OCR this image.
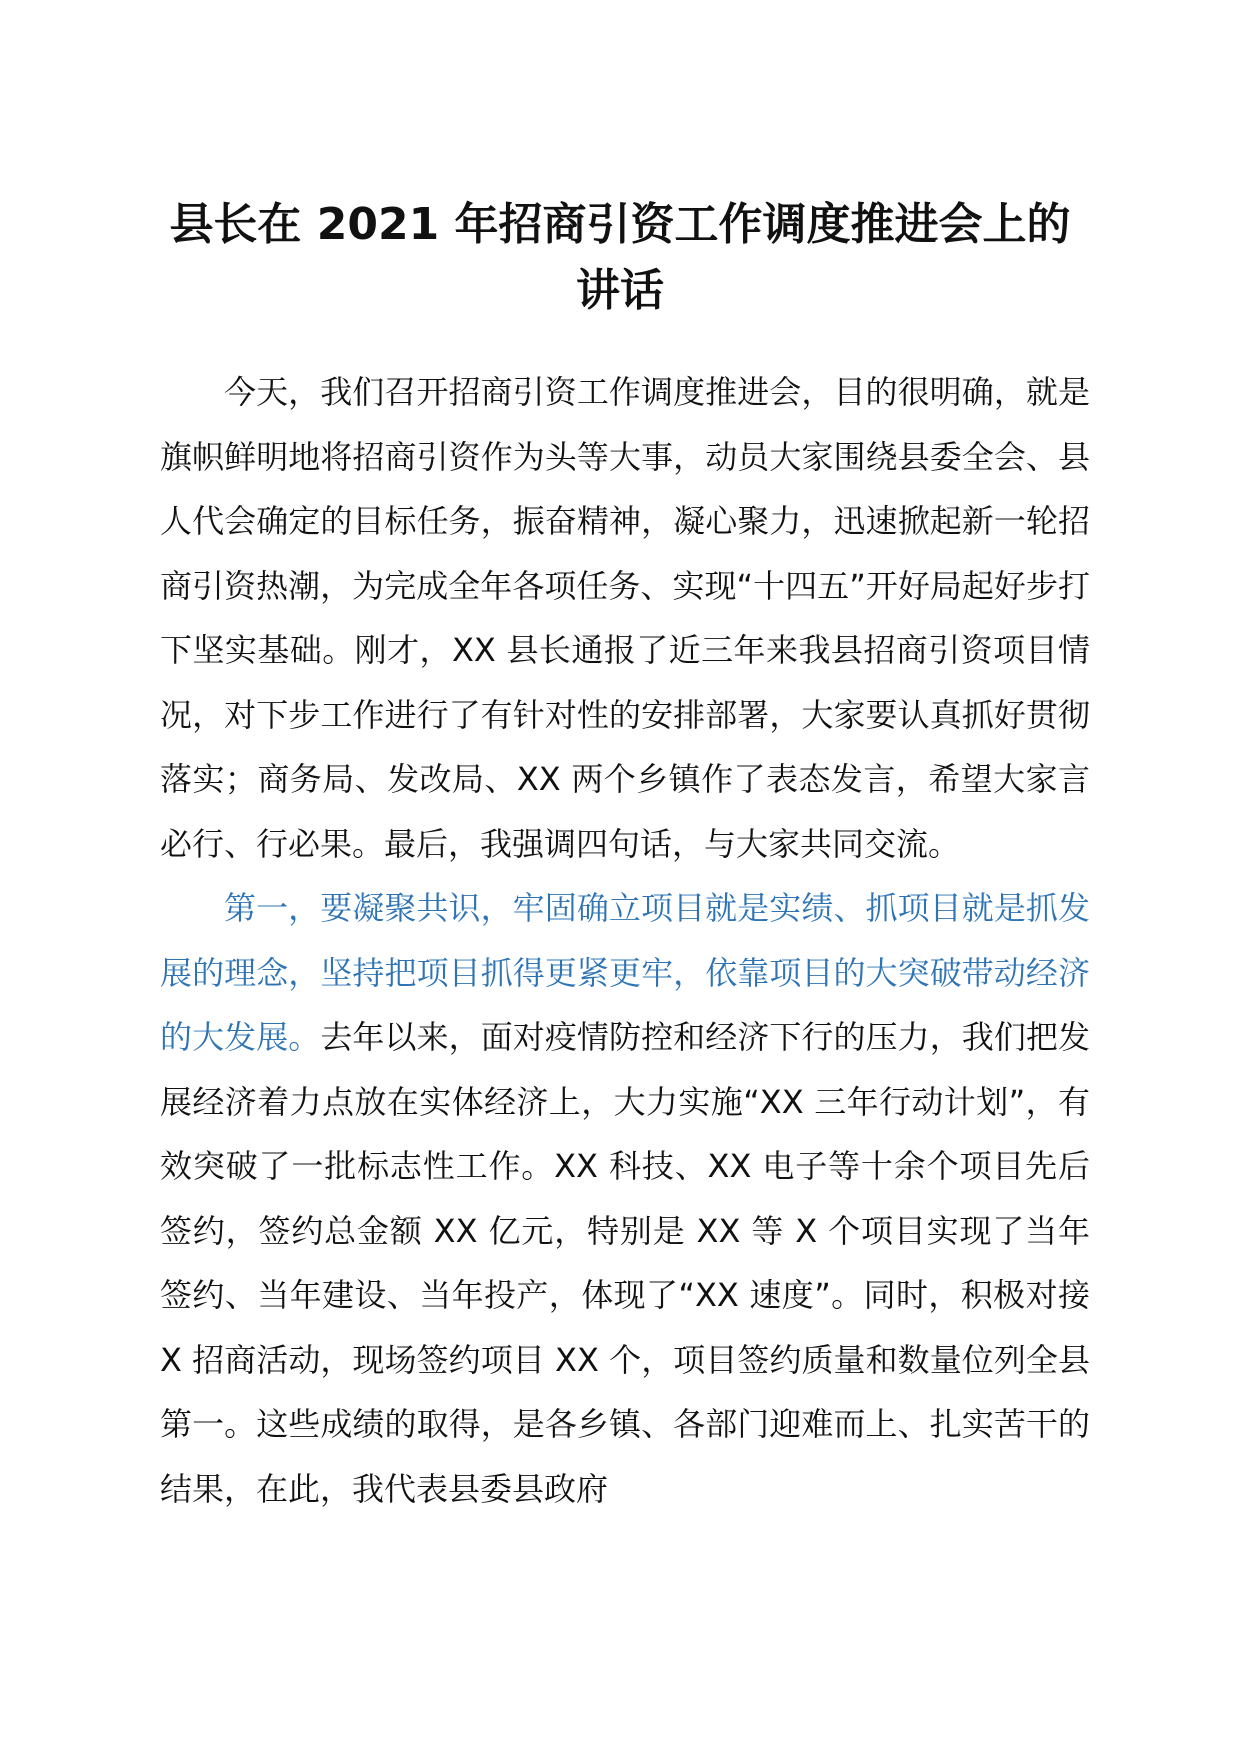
县长在 2021 年招商引资工作调度推进会上的
讲话

今天，我们召开招商引资工作调度推进会，目的很明确，就是旗帜鲜明地将招商引资作为头等大事，动员大家围绕县委全会、县人代会确定的目标任务，振奋精神，凝心聚力，迅速掀起新一轮招商引资热潮，为完成全年各项任务、实现“十四五”开好局起好步打下坚实基础。刚才，XX 县长通报了近三年来我县招商引资项目情况，对下步工作进行了有针对性的安排部署，大家要认真抓好贯彻落实；商务局、发改局、XX 两个乡镇作了表态发言，希望大家言必行、行必果。最后，我强调四句话，与大家共同交流。

第一，要凝聚共识，牢固确立项目就是实绩、抓项目就是抓发展的理念，坚持把项目抓得更紧更牢，依靠项目的大突破带动经济的大发展。去年以来，面对疫情防控和经济下行的压力，我们把发展经济着力点放在实体经济上，大力实施“XX 三年行动计划”，有效突破了一批标志性工作。XX 科技、XX 电子等十余个项目先后签约，签约总金额 XX 亿元，特别是 XX 等 X 个项目实现了当年签约、当年建设、当年投产，体现了“XX 速度”。同时，积极对接 X 招商活动，现场签约项目 XX 个，项目签约质量和数量位列全县第一。这些成绩的取得，是各乡镇、各部门迎难而上、扎实苦干的结果，在此，我代表县委县政府
